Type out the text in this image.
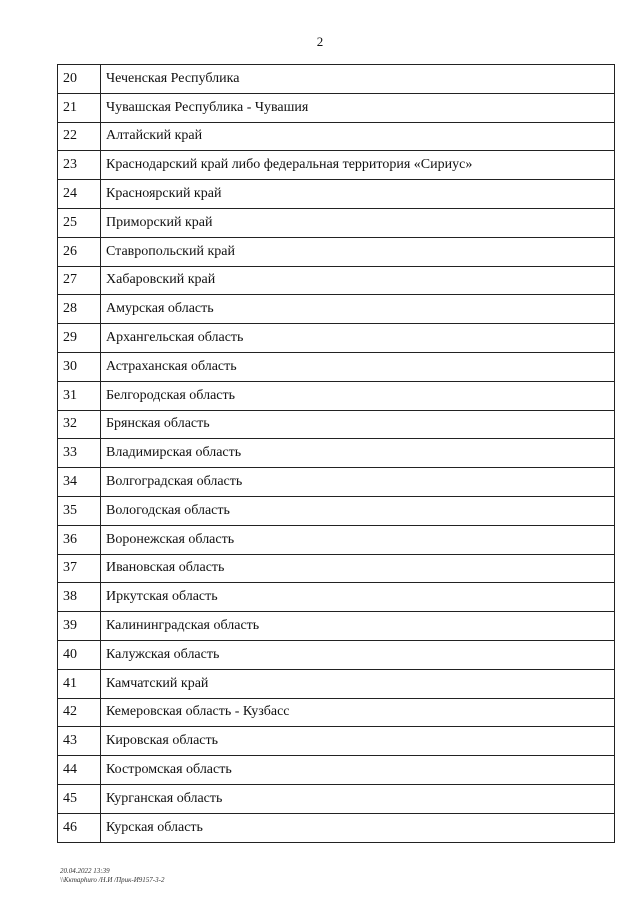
2
20	Чеченская Республика
21	Чувашская Республика - Чувашия
22	Алтайский край
23	Краснодарский край либо федеральная территория «Сириус»
24	Красноярский край
25	Приморский край
26	Ставропольский край
27	Хабаровский край
28	Амурская область
29	Архангельская область
30	Астраханская область
31	Белгородская область
32	Брянская область
33	Владимирская область
34	Волгоградская область
35	Вологодская область
36	Воронежская область
37	Ивановская область
38	Иркутская область
39	Калининградская область
40	Калужская область
41	Камчатский край
42	Кемеровская область - Кузбасс
43	Кировская область
44	Костромская область
45	Курганская область
46	Курская область
20.04.2022 13:39
\\Ккmaphuro /Н.И /Прик-И9157-3-2
